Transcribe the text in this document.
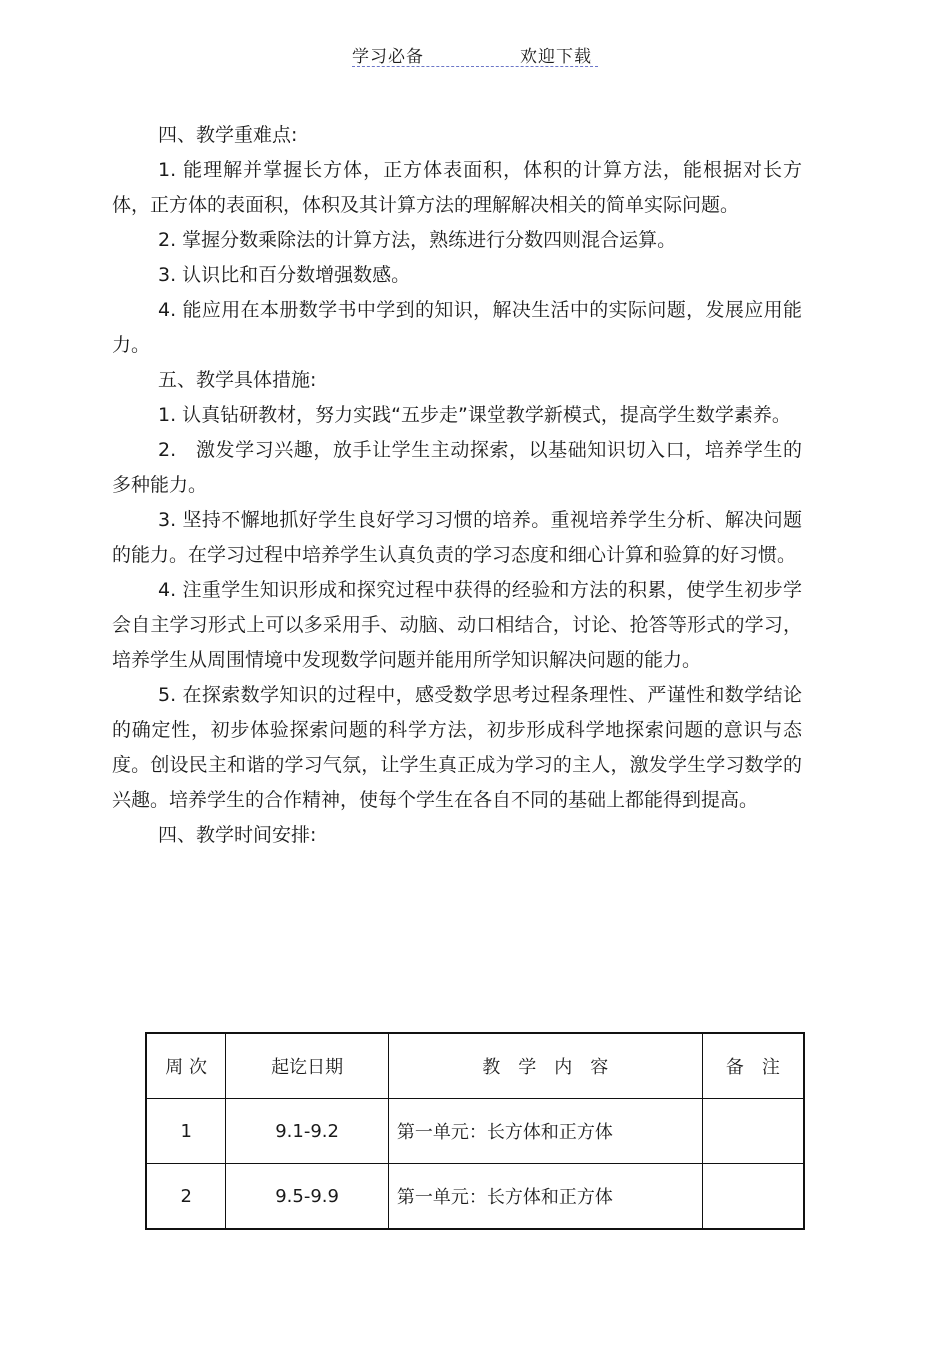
学习必备	欢迎下载

四、教学重难点:

1. 能理解并掌握长方体，正方体表面积，体积的计算方法，能根据对长方体，正方体的表面积，体积及其计算方法的理解解决相关的简单实际问题。

2. 掌握分数乘除法的计算方法，熟练进行分数四则混合运算。

3. 认识比和百分数增强数感。

4. 能应用在本册数学书中学到的知识，解决生活中的实际问题，发展应用能力。

五、教学具体措施:

1. 认真钻研教材，努力实践“五步走”课堂教学新模式，提高学生数学素养。

2.   激发学习兴趣，放手让学生主动探索，以基础知识切入口，培养学生的多种能力。

3. 坚持不懈地抓好学生良好学习习惯的培养。重视培养学生分析、解决问题的能力。在学习过程中培养学生认真负责的学习态度和细心计算和验算的好习惯。

4. 注重学生知识形成和探究过程中获得的经验和方法的积累，使学生初步学会自主学习形式上可以多采用手、动脑、动口相结合，讨论、抢答等形式的学习，培养学生从周围情境中发现数学问题并能用所学知识解决问题的能力。

5. 在探索数学知识的过程中，感受数学思考过程条理性、严谨性和数学结论的确定性，初步体验探索问题的科学方法，初步形成科学地探索问题的意识与态度。创设民主和谐的学习气氛，让学生真正成为学习的主人，激发学生学习数学的兴趣。培养学生的合作精神，使每个学生在各自不同的基础上都能得到提高。

四、教学时间安排:

周 次	起讫日期	教　学　内　容	备　注
1	9.1-9.2	第一单元：长方体和正方体	
2	9.5-9.9	第一单元：长方体和正方体	
